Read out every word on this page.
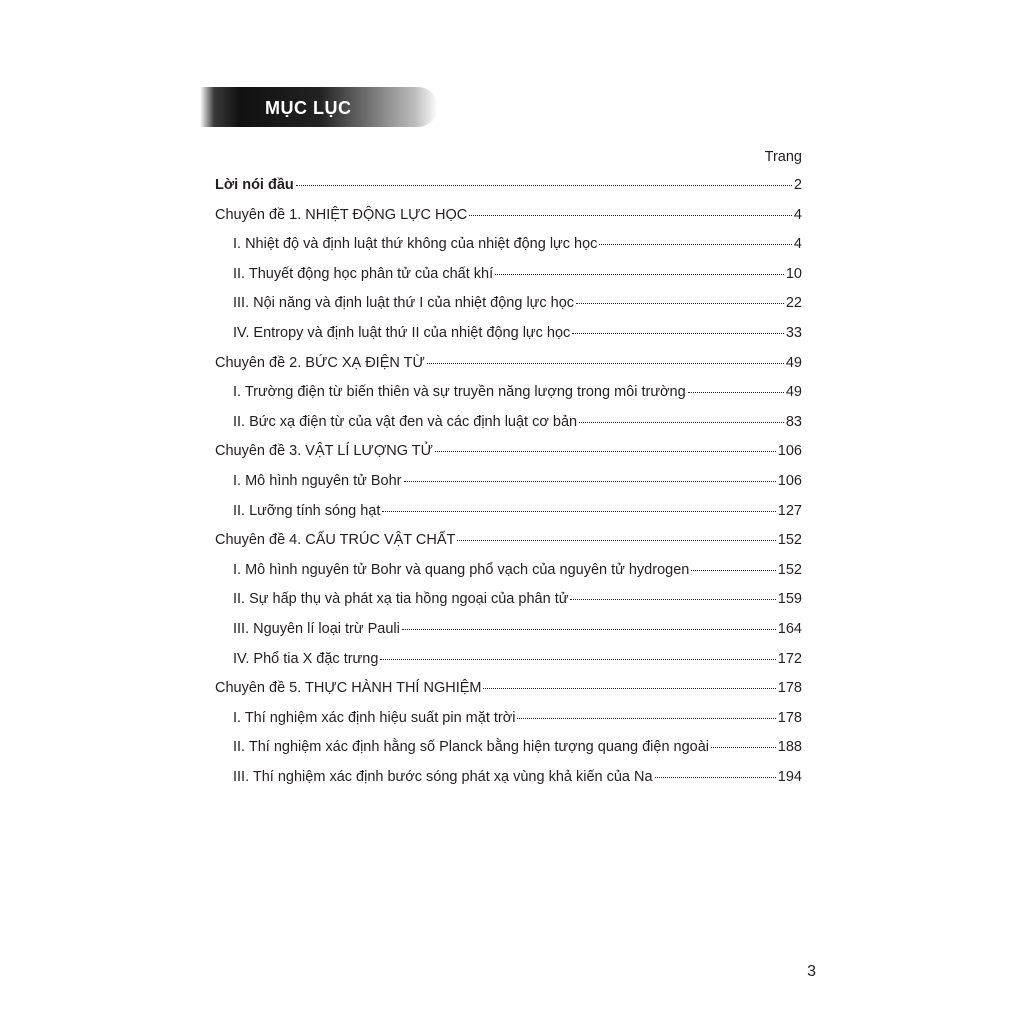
MỤC LỤC
Trang
Lời nói đầu	2
Chuyên đề 1. NHIỆT ĐỘNG LỰC HỌC	4
I. Nhiệt độ và định luật thứ không của nhiệt động lực học	4
II. Thuyết động học phân tử của chất khí	10
III. Nội năng và định luật thứ I của nhiệt động lực học	22
IV. Entropy và định luật thứ II của nhiệt động lực học	33
Chuyên đề 2. BỨC XẠ ĐIỆN TỪ	49
I. Trường điện từ biến thiên và sự truyền năng lượng trong môi trường	49
II. Bức xạ điện từ của vật đen và các định luật cơ bản	83
Chuyên đề 3. VẬT LÍ LƯỢNG TỬ	106
I. Mô hình nguyên tử Bohr	106
II. Lưỡng tính sóng hạt	127
Chuyên đề 4. CẤU TRÚC VẬT CHẤT	152
I. Mô hình nguyên tử Bohr và quang phổ vạch của nguyên tử hydrogen	152
II. Sự hấp thụ và phát xạ tia hồng ngoại của phân tử	159
III. Nguyên lí loại trừ Pauli	164
IV. Phổ tia X đặc trưng	172
Chuyên đề 5. THỰC HÀNH THÍ NGHIỆM	178
I. Thí nghiệm xác định hiệu suất pin mặt trời	178
II. Thí nghiệm xác định hằng số Planck bằng hiện tượng quang điện ngoài	188
III. Thí nghiệm xác định bước sóng phát xạ vùng khả kiến của Na	194
3
